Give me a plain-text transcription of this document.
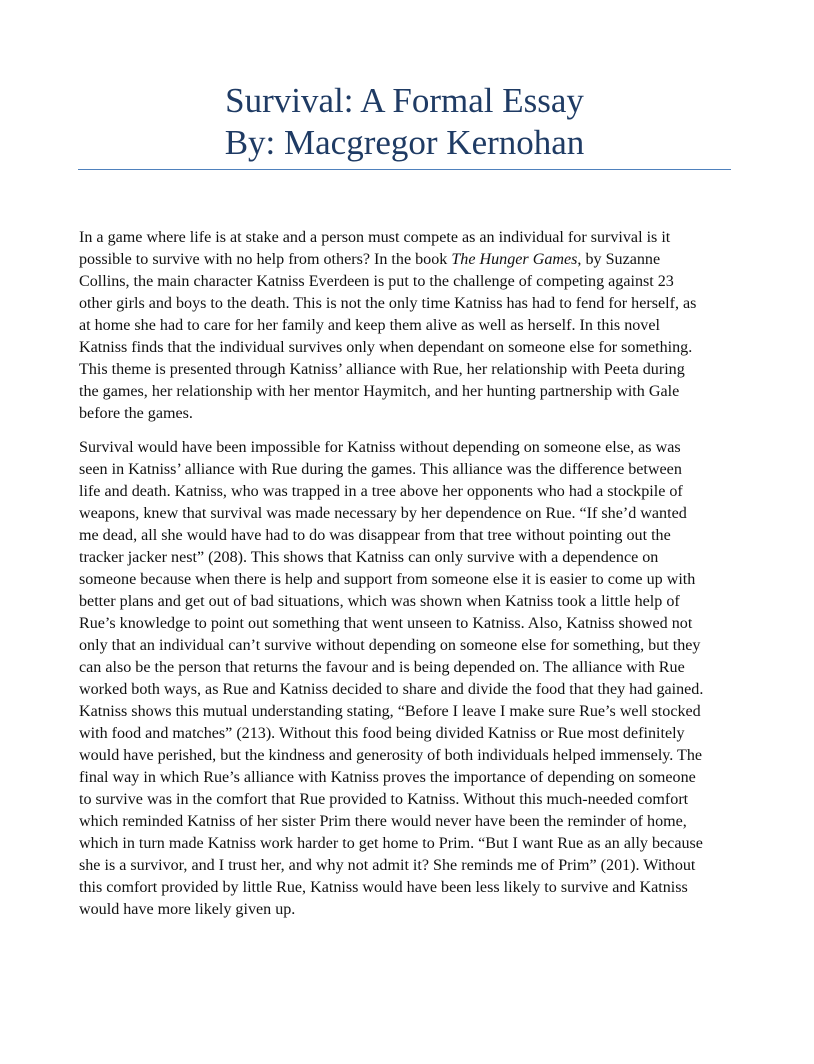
Survival: A Formal Essay
By: Macgregor Kernohan

In a game where life is at stake and a person must compete as an individual for survival is it
possible to survive with no help from others? In the book The Hunger Games, by Suzanne
Collins, the main character Katniss Everdeen is put to the challenge of competing against 23
other girls and boys to the death. This is not the only time Katniss has had to fend for herself, as
at home she had to care for her family and keep them alive as well as herself. In this novel
Katniss finds that the individual survives only when dependant on someone else for something.
This theme is presented through Katniss’ alliance with Rue, her relationship with Peeta during
the games, her relationship with her mentor Haymitch, and her hunting partnership with Gale
before the games.

Survival would have been impossible for Katniss without depending on someone else, as was
seen in Katniss’ alliance with Rue during the games. This alliance was the difference between
life and death. Katniss, who was trapped in a tree above her opponents who had a stockpile of
weapons, knew that survival was made necessary by her dependence on Rue. “If she’d wanted
me dead, all she would have had to do was disappear from that tree without pointing out the
tracker jacker nest” (208). This shows that Katniss can only survive with a dependence on
someone because when there is help and support from someone else it is easier to come up with
better plans and get out of bad situations, which was shown when Katniss took a little help of
Rue’s knowledge to point out something that went unseen to Katniss. Also, Katniss showed not
only that an individual can’t survive without depending on someone else for something, but they
can also be the person that returns the favour and is being depended on. The alliance with Rue
worked both ways, as Rue and Katniss decided to share and divide the food that they had gained.
Katniss shows this mutual understanding stating, “Before I leave I make sure Rue’s well stocked
with food and matches” (213). Without this food being divided Katniss or Rue most definitely
would have perished, but the kindness and generosity of both individuals helped immensely. The
final way in which Rue’s alliance with Katniss proves the importance of depending on someone
to survive was in the comfort that Rue provided to Katniss. Without this much-needed comfort
which reminded Katniss of her sister Prim there would never have been the reminder of home,
which in turn made Katniss work harder to get home to Prim. “But I want Rue as an ally because
she is a survivor, and I trust her, and why not admit it? She reminds me of Prim” (201). Without
this comfort provided by little Rue, Katniss would have been less likely to survive and Katniss
would have more likely given up.
